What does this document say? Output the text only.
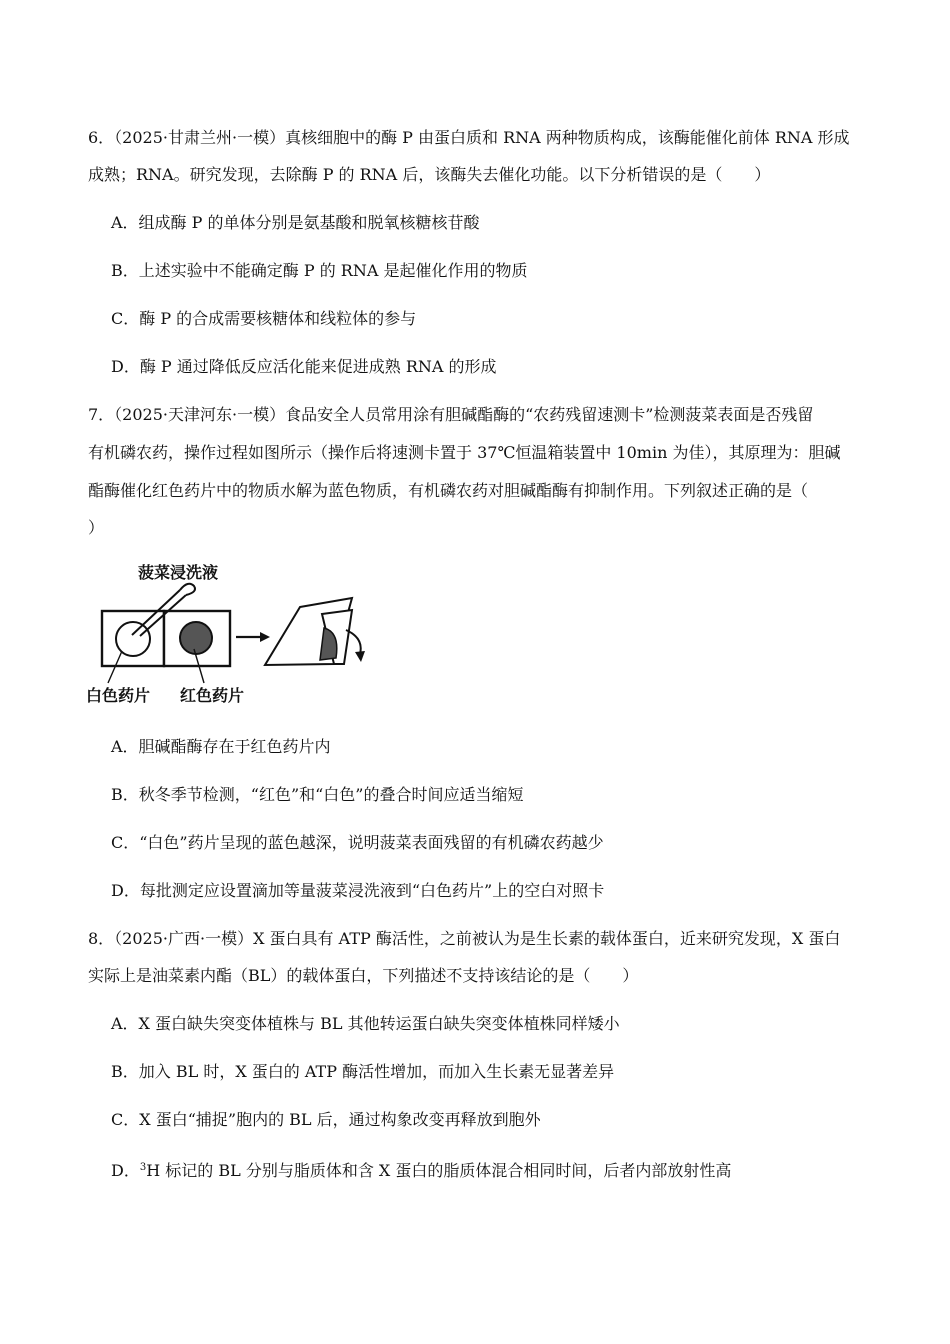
6．（2025·甘肃兰州·一模）真核细胞中的酶 P 由蛋白质和 RNA 两种物质构成，该酶能催化前体 RNA 形成
成熟；RNA。研究发现，去除酶 P 的 RNA 后，该酶失去催化功能。以下分析错误的是（　　）
A．组成酶 P 的单体分别是氨基酸和脱氧核糖核苷酸
B．上述实验中不能确定酶 P 的 RNA 是起催化作用的物质
C．酶 P 的合成需要核糖体和线粒体的参与
D．酶 P 通过降低反应活化能来促进成熟 RNA 的形成
7．（2025·天津河东·一模）食品安全人员常用涂有胆碱酯酶的“农药残留速测卡”检测菠菜表面是否残留
有机磷农药，操作过程如图所示（操作后将速测卡置于 37℃恒温箱装置中 10min 为佳），其原理为：胆碱
酯酶催化红色药片中的物质水解为蓝色物质，有机磷农药对胆碱酯酶有抑制作用。下列叙述正确的是（
）
菠菜浸洗液
白色药片 红色药片
A．胆碱酯酶存在于红色药片内
B．秋冬季节检测，“红色”和“白色”的叠合时间应适当缩短
C．“白色”药片呈现的蓝色越深，说明菠菜表面残留的有机磷农药越少
D．每批测定应设置滴加等量菠菜浸洗液到“白色药片”上的空白对照卡
8．（2025·广西·一模）X 蛋白具有 ATP 酶活性，之前被认为是生长素的载体蛋白，近来研究发现，X 蛋白
实际上是油菜素内酯（BL）的载体蛋白，下列描述不支持该结论的是（　　）
A．X 蛋白缺失突变体植株与 BL 其他转运蛋白缺失突变体植株同样矮小
B．加入 BL 时，X 蛋白的 ATP 酶活性增加，而加入生长素无显著差异
C．X 蛋白“捕捉”胞内的 BL 后，通过构象改变再释放到胞外
D．$^3$H 标记的 BL 分别与脂质体和含 X 蛋白的脂质体混合相同时间，后者内部放射性高
